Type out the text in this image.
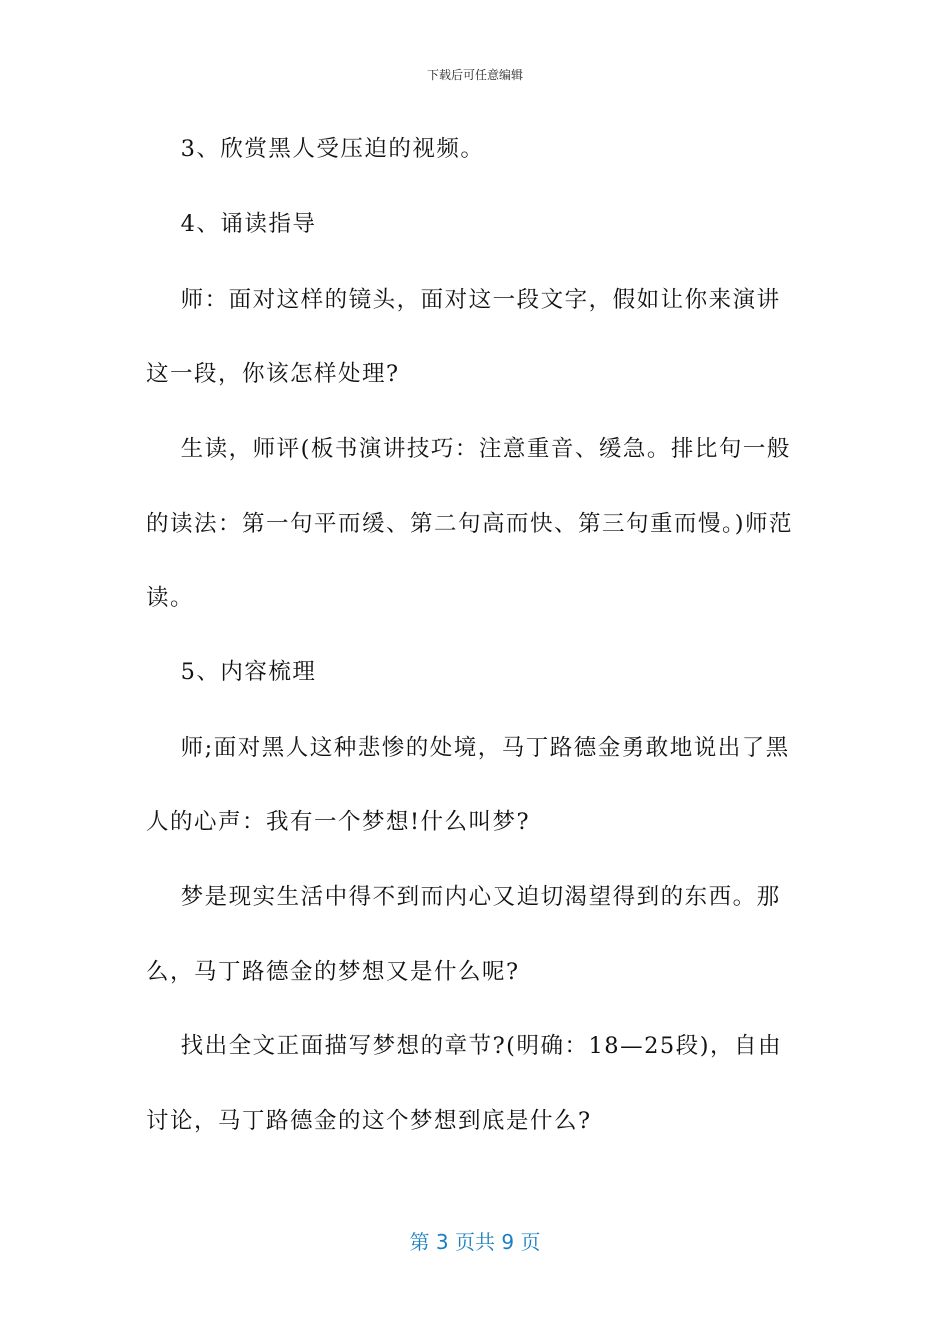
下载后可任意编辑
3、欣赏黑人受压迫的视频。
4、诵读指导
师：面对这样的镜头，面对这一段文字，假如让你来演讲
这一段，你该怎样处理?
生读，师评(板书演讲技巧：注意重音、缓急。排比句一般
的读法：第一句平而缓、第二句高而快、第三句重而慢。)师范
读。
5、内容梳理
师;面对黑人这种悲惨的处境，马丁路德金勇敢地说出了黑
人的心声：我有一个梦想!什么叫梦?
梦是现实生活中得不到而内心又迫切渴望得到的东西。那
么，马丁路德金的梦想又是什么呢?
找出全文正面描写梦想的章节?(明确：18—25段)，自由
讨论，马丁路德金的这个梦想到底是什么?
第 3 页共 9 页
